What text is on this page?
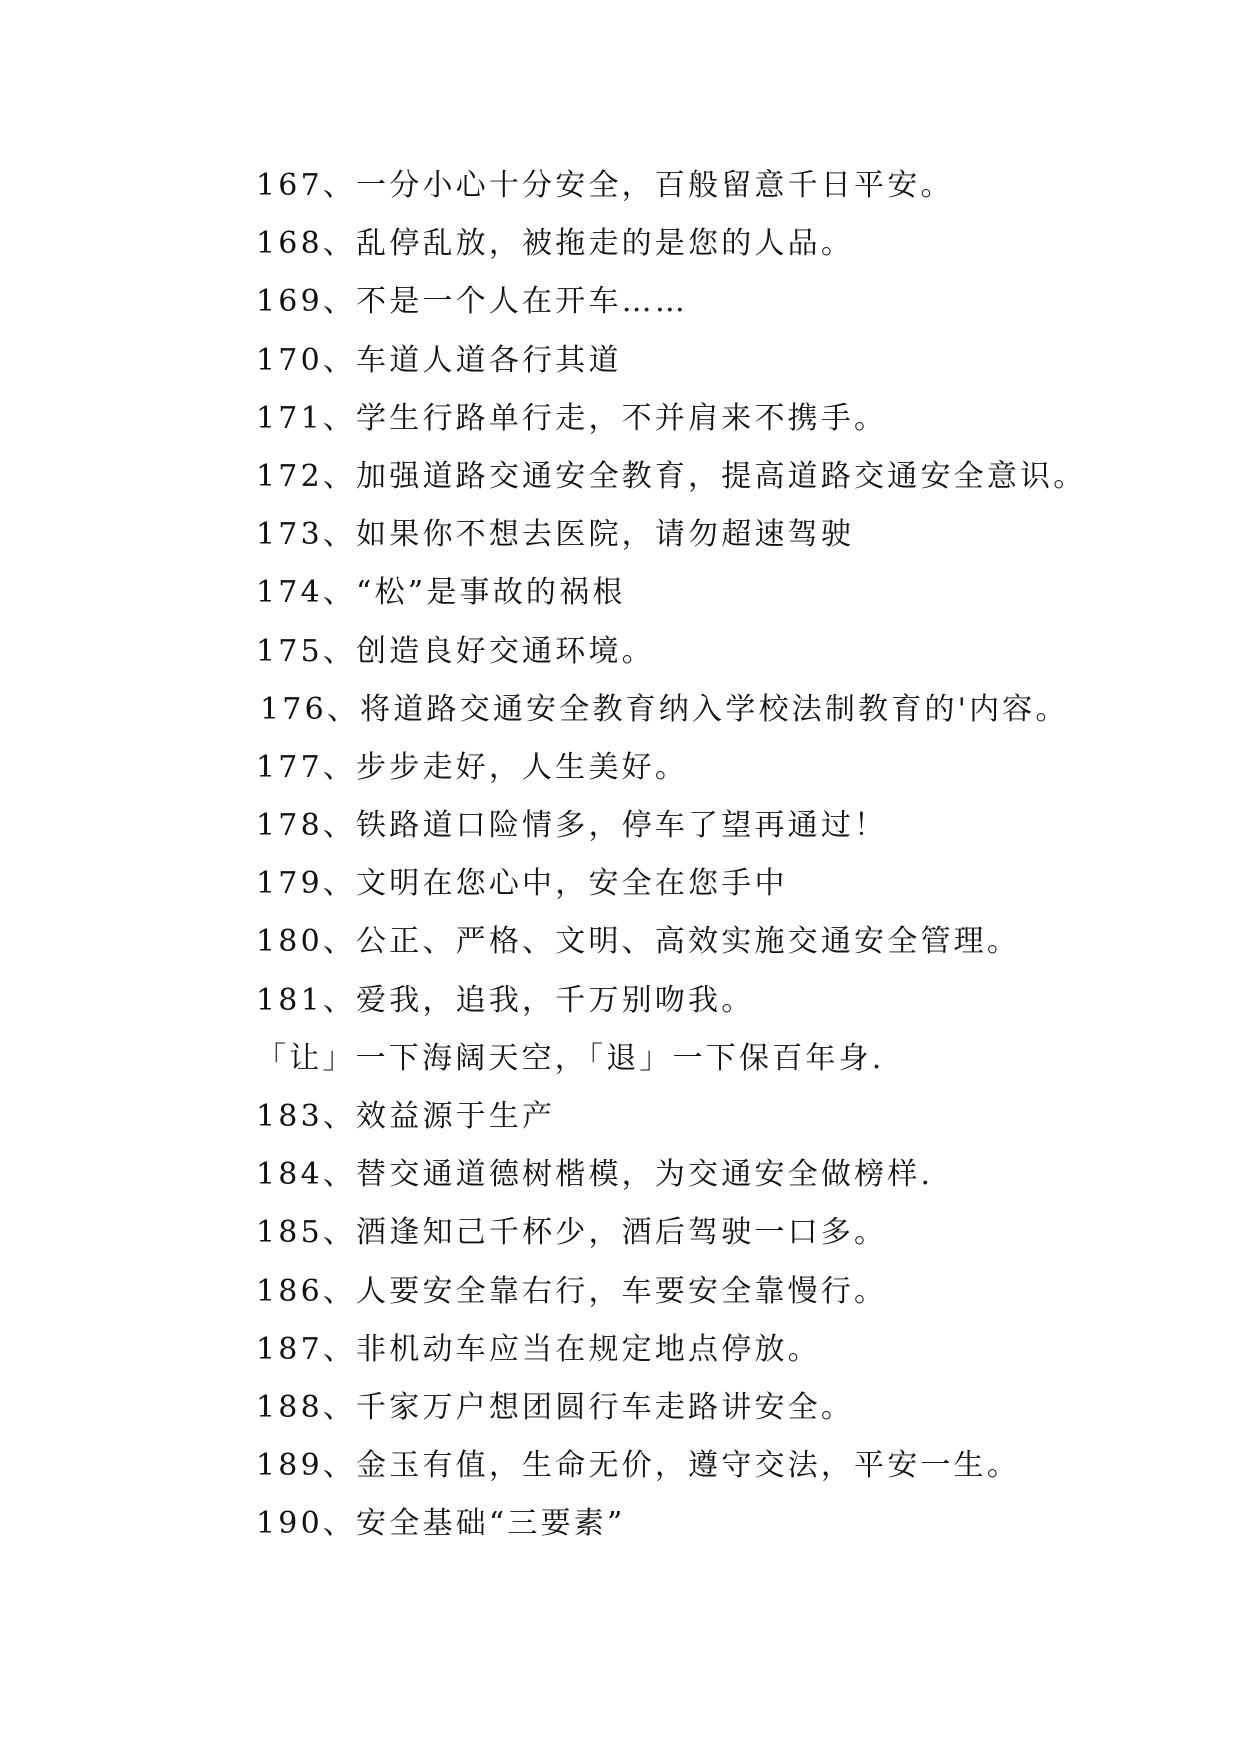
167、一分小心十分安全，百般留意千日平安。
168、乱停乱放，被拖走的是您的人品。
169、不是一个人在开车……
170、车道人道各行其道
171、学生行路单行走，不并肩来不携手。
172、加强道路交通安全教育，提高道路交通安全意识。
173、如果你不想去医院，请勿超速驾驶
174、“松”是事故的祸根
175、创造良好交通环境。
176、将道路交通安全教育纳入学校法制教育的'内容。
177、步步走好，人生美好。
178、铁路道口险情多，停车了望再通过！
179、文明在您心中，安全在您手中
180、公正、严格、文明、高效实施交通安全管理。
181、爱我，追我，千万别吻我。
「让」一下海阔天空，「退」一下保百年身.
183、效益源于生产
184、替交通道德树楷模，为交通安全做榜样.
185、酒逢知己千杯少，酒后驾驶一口多。
186、人要安全靠右行，车要安全靠慢行。
187、非机动车应当在规定地点停放。
188、千家万户想团圆行车走路讲安全。
189、金玉有值，生命无价，遵守交法，平安一生。
190、安全基础“三要素”
